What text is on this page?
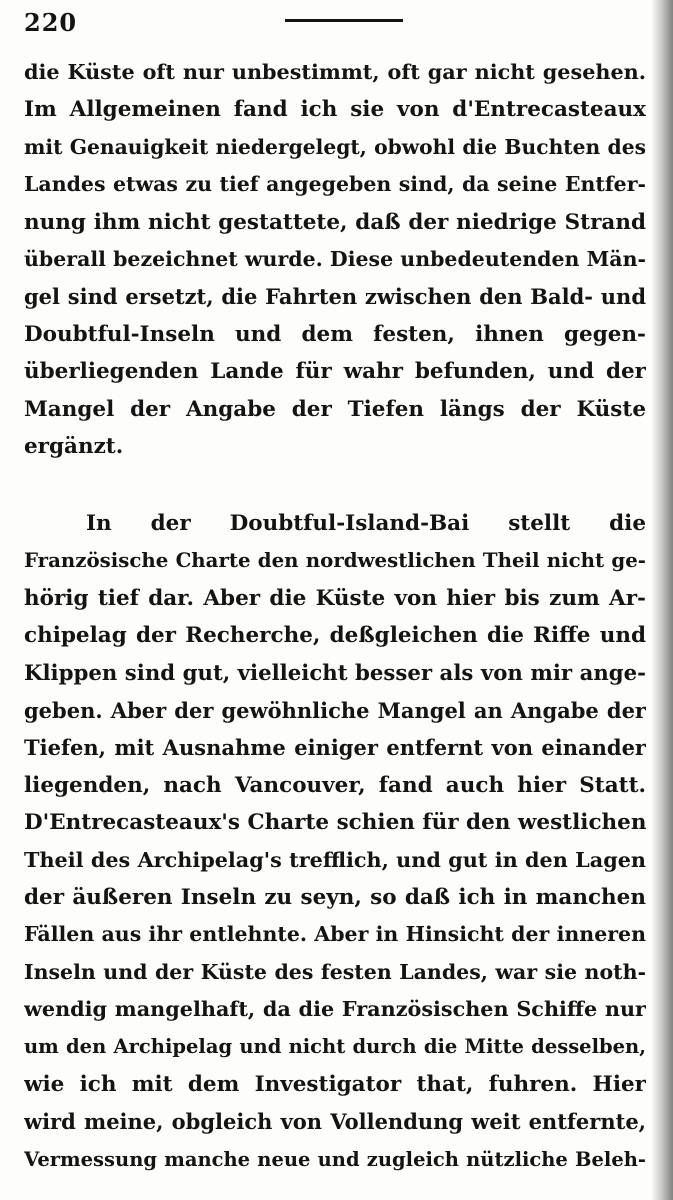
220
die Küste oft nur unbestimmt, oft gar nicht gesehen.
Im Allgemeinen fand ich sie von d'Entrecasteaux
mit Genauigkeit niedergelegt, obwohl die Buchten des
Landes etwas zu tief angegeben sind, da seine Entfer-
nung ihm nicht gestattete, daß der niedrige Strand
überall bezeichnet wurde. Diese unbedeutenden Män-
gel sind ersetzt, die Fahrten zwischen den Bald- und
Doubtful-Inseln und dem festen, ihnen gegen-
überliegenden Lande für wahr befunden, und der
Mangel der Angabe der Tiefen längs der Küste
ergänzt.
In der Doubtful-Island-Bai stellt die
Französische Charte den nordwestlichen Theil nicht ge-
hörig tief dar. Aber die Küste von hier bis zum Ar-
chipelag der Recherche, deßgleichen die Riffe und
Klippen sind gut, vielleicht besser als von mir ange-
geben. Aber der gewöhnliche Mangel an Angabe der
Tiefen, mit Ausnahme einiger entfernt von einander
liegenden, nach Vancouver, fand auch hier Statt.
D'Entrecasteaux's Charte schien für den westlichen
Theil des Archipelag's trefflich, und gut in den Lagen
der äußeren Inseln zu seyn, so daß ich in manchen
Fällen aus ihr entlehnte. Aber in Hinsicht der inneren
Inseln und der Küste des festen Landes, war sie noth-
wendig mangelhaft, da die Französischen Schiffe nur
um den Archipelag und nicht durch die Mitte desselben,
wie ich mit dem Investigator that, fuhren. Hier
wird meine, obgleich von Vollendung weit entfernte,
Vermessung manche neue und zugleich nützliche Beleh-
